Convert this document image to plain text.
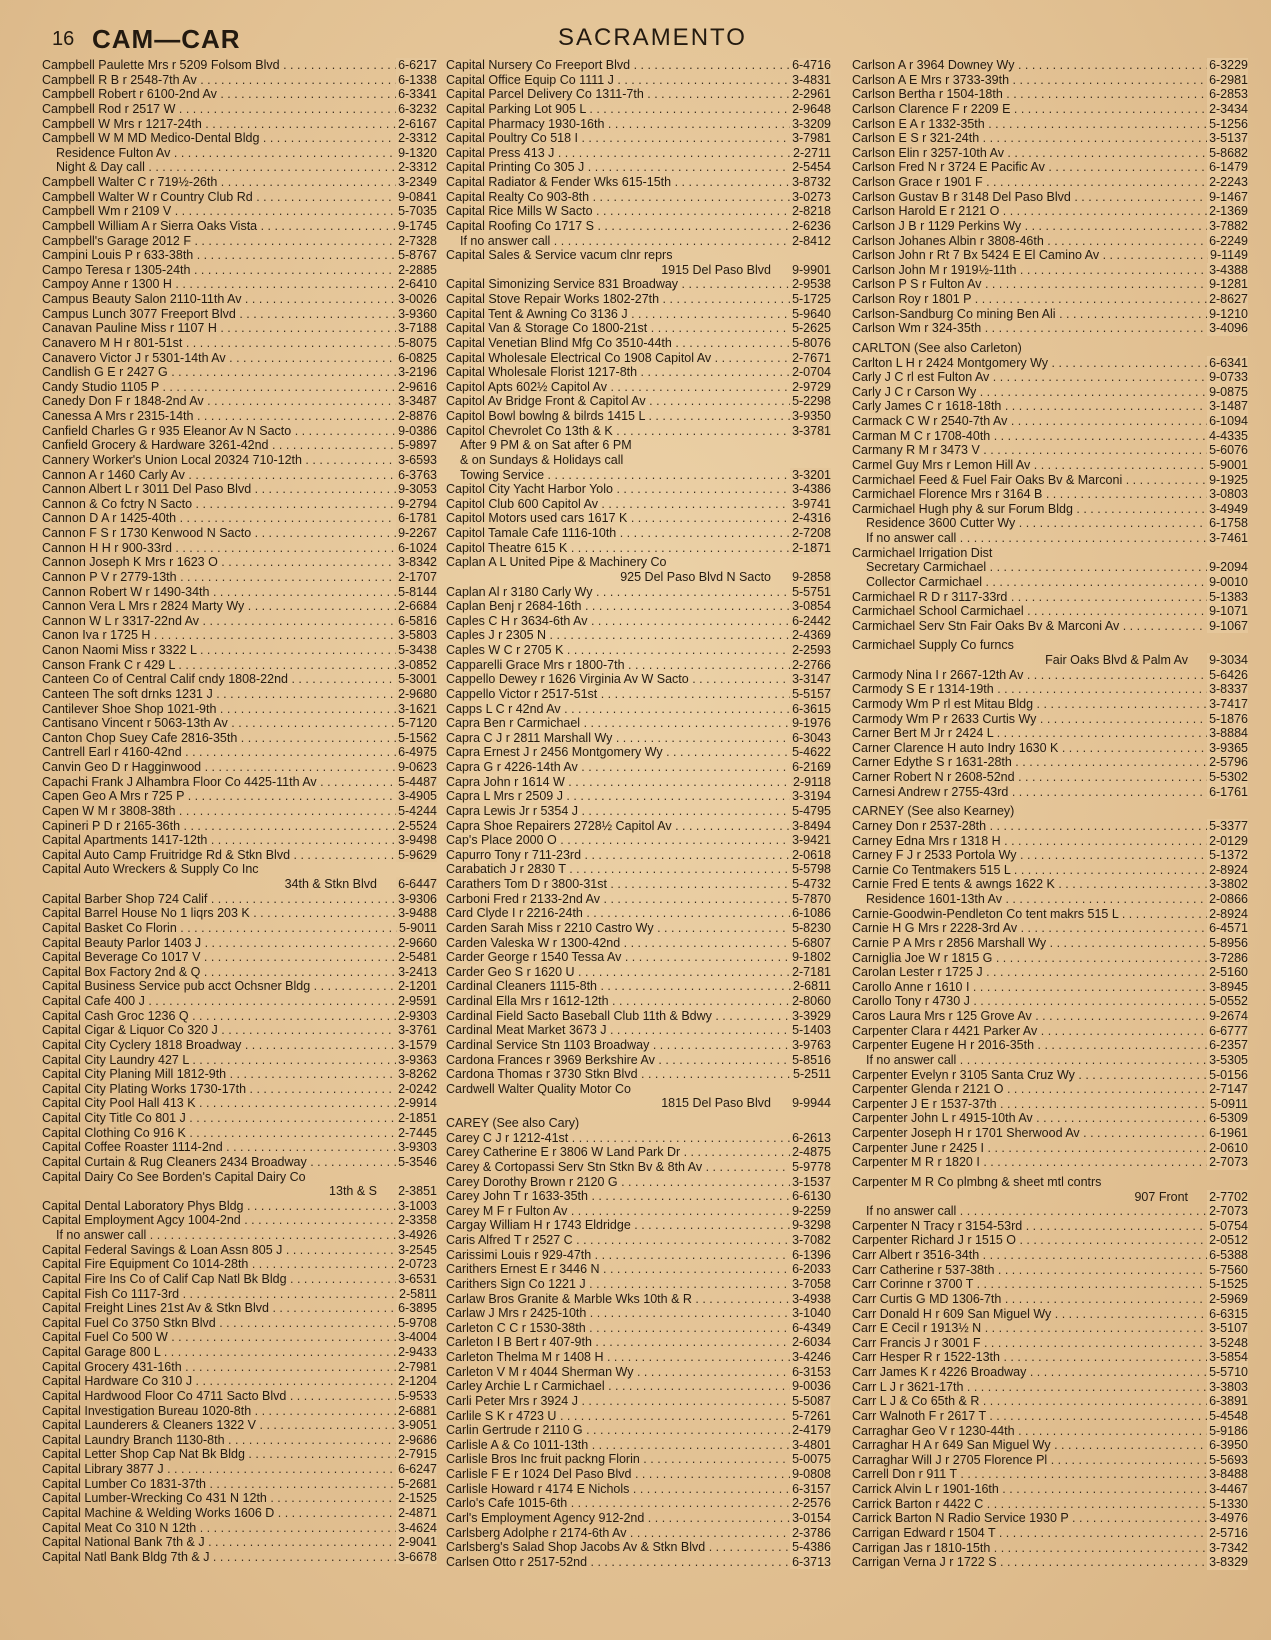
16 CAM—CAR	SACRAMENTO
Campbell Paulette Mrs r 5209 Folsom Blvd . . .	6-6217
Campbell R B r 2548-7th Av . . .	6-1338
Campbell Robert r 6100-2nd Av . . .	6-3341
Campbell Rod r 2517 W . . .	6-3232
Campbell W Mrs r 1217-24th . . .	2-6167
Campbell W M MD Medico-Dental Bldg . . .	2-3312
Residence Fulton Av . . .	9-1320
Night & Day call . . .	2-3312
Campbell Walter C r 719½-26th . . .	3-2349
Campbell Walter W r Country Club Rd . . .	9-0841
Campbell Wm r 2109 V . . .	5-7035
Campbell William A r Sierra Oaks Vista . . .	9-1745
Campbell's Garage 2012 F . . .	2-7328
Campini Louis P r 633-38th . . .	5-8767
Campo Teresa r 1305-24th . . .	2-2885
Campoy Anne r 1300 H . . .	2-6410
Campus Beauty Salon 2110-11th Av . . .	3-0026
Campus Lunch 3077 Freeport Blvd . . .	3-9360
Canavan Pauline Miss r 1107 H . . .	3-7188
Canavero M H r 801-51st . . .	5-8075
Canavero Victor J r 5301-14th Av . . .	6-0825
Candlish G E r 2427 G . . .	3-2196
Candy Studio 1105 P . . .	2-9616
Canedy Don F r 1848-2nd Av . . .	3-3487
Canessa A Mrs r 2315-14th . . .	2-8876
Canfield Charles G r 935 Eleanor Av N Sacto . . .	9-0386
Canfield Grocery & Hardware 3261-42nd . . .	5-9897
Cannery Worker's Union Local 20324 710-12th . . .	3-6593
Cannon A r 1460 Carly Av . . .	6-3763
Cannon Albert L r 3011 Del Paso Blvd . . .	9-3053
Cannon & Co fctry N Sacto . . .	9-2794
Cannon D A r 1425-40th . . .	6-1781
Cannon F S r 1730 Kenwood N Sacto . . .	9-2267
Cannon H H r 900-33rd . . .	6-1024
Cannon Joseph K Mrs r 1623 O . . .	3-8342
Cannon P V r 2779-13th . . .	2-1707
Cannon Robert W r 1490-34th . . .	5-8144
Cannon Vera L Mrs r 2824 Marty Wy . . .	2-6684
Cannon W L r 3317-22nd Av . . .	6-5816
Canon Iva r 1725 H . . .	3-5803
Canon Naomi Miss r 3322 L . . .	5-3438
Canson Frank C r 429 L . . .	3-0852
Canteen Co of Central Calif cndy 1808-22nd . . .	5-3001
Canteen The soft drnks 1231 J . . .	2-9680
Cantilever Shoe Shop 1021-9th . . .	3-1621
Cantisano Vincent r 5063-13th Av . . .	5-7120
Canton Chop Suey Cafe 2816-35th . . .	5-1562
Cantrell Earl r 4160-42nd . . .	6-4975
Canvin Geo D r Hagginwood . . .	9-0623
Capachi Frank J Alhambra Floor Co 4425-11th Av . . .	5-4487
Capen Geo A Mrs r 725 P . . .	3-4905
Capen W M r 3808-38th . . .	5-4244
Capineri P D r 2165-36th . . .	2-5524
Capital Apartments 1417-12th . . .	3-9498
Capital Auto Camp Fruitridge Rd & Stkn Blvd . . .	5-9629
Capital Auto Wreckers & Supply Co Inc
34th & Stkn Blvd 6-6447
Capital Barber Shop 724 Calif . . .	3-9306
Capital Barrel House No 1 liqrs 203 K . . .	3-9488
Capital Basket Co Florin . . .	5-9011
Capital Beauty Parlor 1403 J . . .	2-9660
Capital Beverage Co 1017 V . . .	2-5481
Capital Box Factory 2nd & Q . . .	3-2413
Capital Business Service pub acct Ochsner Bldg . . .	2-1201
Capital Cafe 400 J . . .	2-9591
Capital Cash Groc 1236 Q . . .	2-9303
Capital Cigar & Liquor Co 320 J . . .	3-3761
Capital City Cyclery 1818 Broadway . . .	3-1579
Capital City Laundry 427 L . . .	3-9363
Capital City Planing Mill 1812-9th . . .	3-8262
Capital City Plating Works 1730-17th . . .	2-0242
Capital City Pool Hall 413 K . . .	2-9914
Capital City Title Co 801 J . . .	2-1851
Capital Clothing Co 916 K . . .	2-7445
Capital Coffee Roaster 1114-2nd . . .	3-9303
Capital Curtain & Rug Cleaners 2434 Broadway . . .	5-3546
Capital Dairy Co See Borden's Capital Dairy Co
13th & S 2-3851
Capital Dental Laboratory Phys Bldg . . .	3-1003
Capital Employment Agcy 1004-2nd . . .	2-3358
If no answer call . . .	3-4926
Capital Federal Savings & Loan Assn 805 J . . .	3-2545
Capital Fire Equipment Co 1014-28th . . .	2-0723
Capital Fire Ins Co of Calif Cap Natl Bk Bldg . . .	3-6531
Capital Fish Co 1117-3rd . . .	2-5811
Capital Freight Lines 21st Av & Stkn Blvd . . .	6-3895
Capital Fuel Co 3750 Stkn Blvd . . .	5-9708
Capital Fuel Co 500 W . . .	3-4004
Capital Garage 800 L . . .	2-9433
Capital Grocery 431-16th . . .	2-7981
Capital Hardware Co 310 J . . .	2-1204
Capital Hardwood Floor Co 4711 Sacto Blvd . . .	5-9533
Capital Investigation Bureau 1020-8th . . .	2-6881
Capital Launderers & Cleaners 1322 V . . .	3-9051
Capital Laundry Branch 1130-8th . . .	2-9686
Capital Letter Shop Cap Nat Bk Bldg . . .	2-7915
Capital Library 3877 J . . .	6-6247
Capital Lumber Co 1831-37th . . .	5-2681
Capital Lumber-Wrecking Co 431 N 12th . . .	2-1525
Capital Machine & Welding Works 1606 D . . .	2-4871
Capital Meat Co 310 N 12th . . .	3-4624
Capital National Bank 7th & J . . .	2-9041
Capital Natl Bank Bldg 7th & J . . .	3-6678
Capital Nursery Co Freeport Blvd . . .	6-4716
Capital Office Equip Co 1111 J . . .	3-4831
Capital Parcel Delivery Co 1311-7th . . .	2-2961
Capital Parking Lot 905 L . . .	2-9648
Capital Pharmacy 1930-16th . . .	3-3209
Capital Poultry Co 518 I . . .	3-7981
Capital Press 413 J . . .	2-2711
Capital Printing Co 305 J . . .	2-5454
Capital Radiator & Fender Wks 615-15th . . .	3-8732
Capital Realty Co 903-8th . . .	3-0273
Capital Rice Mills W Sacto . . .	2-8218
Capital Roofing Co 1717 S . . .	2-6236
If no answer call . . .	2-8412
Capital Sales & Service vacum clnr reprs
1915 Del Paso Blvd 9-9901
Capital Simonizing Service 831 Broadway . . .	2-9538
Capital Stove Repair Works 1802-27th . . .	5-1725
Capital Tent & Awning Co 3136 J . . .	5-9640
Capital Van & Storage Co 1800-21st . . .	5-2625
Capital Venetian Blind Mfg Co 3510-44th . . .	5-8076
Capital Wholesale Electrical Co 1908 Capitol Av . . .	2-7671
Capital Wholesale Florist 1217-8th . . .	2-0704
Capitol Apts 602½ Capitol Av . . .	2-9729
Capitol Av Bridge Front & Capitol Av . . .	5-2298
Capitol Bowl bowlng & bilrds 1415 L . . .	3-9350
Capitol Chevrolet Co 13th & K . . .	3-3781
After 9 PM & on Sat after 6 PM
& on Sundays & Holidays call
Towing Service . . .	3-3201
Capitol City Yacht Harbor Yolo . . .	3-4386
Capitol Club 600 Capitol Av . . .	3-9741
Capitol Motors used cars 1617 K . . .	2-4316
Capitol Tamale Cafe 1116-10th . . .	2-7208
Capitol Theatre 615 K . . .	2-1871
Caplan A L United Pipe & Machinery Co
925 Del Paso Blvd N Sacto 9-2858
Caplan Al r 3180 Carly Wy . . .	5-5751
Caplan Benj r 2684-16th . . .	3-0854
Caples C H r 3634-6th Av . . .	6-2442
Caples J r 2305 N . . .	2-4369
Caples W C r 2705 K . . .	2-2593
Capparelli Grace Mrs r 1800-7th . . .	2-2766
Cappello Dewey r 1626 Virginia Av W Sacto . . .	3-3147
Cappello Victor r 2517-51st . . .	5-5157
Capps L C r 42nd Av . . .	6-3615
Capra Ben r Carmichael . . .	9-1976
Capra C J r 2811 Marshall Wy . . .	6-3043
Capra Ernest J r 2456 Montgomery Wy . . .	5-4622
Capra G r 4226-14th Av . . .	6-2169
Capra John r 1614 W . . .	2-9118
Capra L Mrs r 2509 J . . .	3-3194
Capra Lewis Jr r 5354 J . . .	5-4795
Capra Shoe Repairers 2728½ Capitol Av . . .	3-8494
Cap's Place 2000 O . . .	3-9421
Capurro Tony r 711-23rd . . .	2-0618
Carabatich J r 2830 T . . .	5-5798
Carathers Tom D r 3800-31st . . .	5-4732
Carboni Fred r 2133-2nd Av . . .	5-7870
Card Clyde I r 2216-24th . . .	6-1086
Carden Sarah Miss r 2210 Castro Wy . . .	5-8230
Carden Valeska W r 1300-42nd . . .	5-6807
Carder George r 1540 Tessa Av . . .	9-1802
Carder Geo S r 1620 U . . .	2-7181
Cardinal Cleaners 1115-8th . . .	2-6811
Cardinal Ella Mrs r 1612-12th . . .	2-8060
Cardinal Field Sacto Baseball Club 11th & Bdwy . . .	3-3929
Cardinal Meat Market 3673 J . . .	5-1403
Cardinal Service Stn 1103 Broadway . . .	3-9763
Cardona Frances r 3969 Berkshire Av . . .	5-8516
Cardona Thomas r 3730 Stkn Blvd . . .	5-2511
Cardwell Walter Quality Motor Co
1815 Del Paso Blvd 9-9944
CAREY (See also Cary)
Carey C J r 1212-41st . . .	6-2613
Carey Catherine E r 3806 W Land Park Dr . . .	2-4875
Carey & Cortopassi Serv Stn Stkn Bv & 8th Av . . .	5-9778
Carey Dorothy Brown r 2120 G . . .	3-1537
Carey John T r 1633-35th . . .	6-6130
Carey M F r Fulton Av . . .	9-2259
Cargay William H r 1743 Eldridge . . .	9-3298
Caris Alfred T r 2527 C . . .	3-7082
Carissimi Louis r 929-47th . . .	6-1396
Carithers Ernest E r 3446 N . . .	6-2033
Carithers Sign Co 1221 J . . .	3-7058
Carlaw Bros Granite & Marble Wks 10th & R . . .	3-4938
Carlaw J Mrs r 2425-10th . . .	3-1040
Carleton C C r 1530-38th . . .	6-4349
Carleton I B Bert r 407-9th . . .	2-6034
Carleton Thelma M r 1408 H . . .	3-4246
Carleton V M r 4044 Sherman Wy . . .	6-3153
Carley Archie L r Carmichael . . .	9-0036
Carli Peter Mrs r 3924 J . . .	5-5087
Carlile S K r 4723 U . . .	5-7261
Carlin Gertrude r 2110 G . . .	2-4179
Carlisle A & Co 1011-13th . . .	3-4801
Carlisle Bros Inc fruit packng Florin . . .	5-0075
Carlisle F E r 1024 Del Paso Blvd . . .	9-0808
Carlisle Howard r 4174 E Nichols . . .	6-3157
Carlo's Cafe 1015-6th . . .	2-2576
Carl's Employment Agency 912-2nd . . .	3-0154
Carlsberg Adolphe r 2174-6th Av . . .	2-3786
Carlsberg's Salad Shop Jacobs Av & Stkn Blvd . . .	5-4386
Carlsen Otto r 2517-52nd . . .	6-3713
Carlson A r 3964 Downey Wy . . .	6-3229
Carlson A E Mrs r 3733-39th . . .	6-2981
Carlson Bertha r 1504-18th . . .	6-2853
Carlson Clarence F r 2209 E . . .	2-3434
Carlson E A r 1332-35th . . .	5-1256
Carlson E S r 321-24th . . .	3-5137
Carlson Elin r 3257-10th Av . . .	5-8682
Carlson Fred N r 3724 E Pacific Av . . .	6-1479
Carlson Grace r 1901 F . . .	2-2243
Carlson Gustav B r 3148 Del Paso Blvd . . .	9-1467
Carlson Harold E r 2121 O . . .	2-1369
Carlson J B r 1129 Perkins Wy . . .	3-7882
Carlson Johanes Albin r 3808-46th . . .	6-2249
Carlson John r Rt 7 Bx 5424 E El Camino Av . . .	9-1149
Carlson John M r 1919½-11th . . .	3-4388
Carlson P S r Fulton Av . . .	9-1281
Carlson Roy r 1801 P . . .	2-8627
Carlson-Sandburg Co mining Ben Ali . . .	9-1210
Carlson Wm r 324-35th . . .	3-4096
CARLTON (See also Carleton)
Carlton L H r 2424 Montgomery Wy . . .	6-6341
Carly J C rl est Fulton Av . . .	9-0733
Carly J C r Carson Wy . . .	9-0875
Carly James C r 1618-18th . . .	3-1487
Carmack C W r 2540-7th Av . . .	6-1094
Carman M C r 1708-40th . . .	4-4335
Carmany R M r 3473 V . . .	5-6076
Carmel Guy Mrs r Lemon Hill Av . . .	5-9001
Carmichael Feed & Fuel Fair Oaks Bv & Marconi . . .	9-1925
Carmichael Florence Mrs r 3164 B . . .	3-0803
Carmichael Hugh phy & sur Forum Bldg . . .	3-4949
Residence 3600 Cutter Wy . . .	6-1758
If no answer call . . .	3-7461
Carmichael Irrigation Dist
Secretary Carmichael . . .	9-2094
Collector Carmichael . . .	9-0010
Carmichael R D r 3117-33rd . . .	5-1383
Carmichael School Carmichael . . .	9-1071
Carmichael Serv Stn Fair Oaks Bv & Marconi Av . . .	9-1067
Carmichael Supply Co furncs
Fair Oaks Blvd & Palm Av 9-3034
Carmody Nina I r 2667-12th Av . . .	5-6426
Carmody S E r 1314-19th . . .	3-8337
Carmody Wm P rl est Mitau Bldg . . .	3-7417
Carmody Wm P r 2633 Curtis Wy . . .	5-1876
Carner Bert M Jr r 2424 L . . .	3-8884
Carner Clarence H auto Indry 1630 K . . .	3-9365
Carner Edythe S r 1631-28th . . .	2-5796
Carner Robert N r 2608-52nd . . .	5-5302
Carnesi Andrew r 2755-43rd . . .	6-1761
CARNEY (See also Kearney)
Carney Don r 2537-28th . . .	5-3377
Carney Edna Mrs r 1318 H . . .	2-0129
Carney F J r 2533 Portola Wy . . .	5-1372
Carnie Co Tentmakers 515 L . . .	2-8924
Carnie Fred E tents & awngs 1622 K . . .	3-3802
Residence 1601-13th Av . . .	2-0866
Carnie-Goodwin-Pendleton Co tent makrs 515 L . . .	2-8924
Carnie H G Mrs r 2228-3rd Av . . .	6-4571
Carnie P A Mrs r 2856 Marshall Wy . . .	5-8956
Carniglia Joe W r 1815 G . . .	3-7286
Carolan Lester r 1725 J . . .	2-5160
Carollo Anne r 1610 I . . .	3-8945
Carollo Tony r 4730 J . . .	5-0552
Caros Laura Mrs r 125 Grove Av . . .	9-2674
Carpenter Clara r 4421 Parker Av . . .	6-6777
Carpenter Eugene H r 2016-35th . . .	6-2357
If no answer call . . .	3-5305
Carpenter Evelyn r 3105 Santa Cruz Wy . . .	5-0156
Carpenter Glenda r 2121 O . . .	2-7147
Carpenter J E r 1537-37th . . .	5-0911
Carpenter John L r 4915-10th Av . . .	6-5309
Carpenter Joseph H r 1701 Sherwood Av . . .	6-1961
Carpenter June r 2425 I . . .	2-0610
Carpenter M R r 1820 I . . .	2-7073
Carpenter M R Co plmbng & sheet mtl contrs
907 Front 2-7702
If no answer call . . .	2-7073
Carpenter N Tracy r 3154-53rd . . .	5-0754
Carpenter Richard J r 1515 O . . .	2-0512
Carr Albert r 3516-34th . . .	6-5388
Carr Catherine r 537-38th . . .	5-7560
Carr Corinne r 3700 T . . .	5-1525
Carr Curtis G MD 1306-7th . . .	2-5969
Carr Donald H r 609 San Miguel Wy . . .	6-6315
Carr E Cecil r 1913½ N . . .	3-5107
Carr Francis J r 3001 F . . .	3-5248
Carr Hesper R r 1522-13th . . .	3-5854
Carr James K r 4226 Broadway . . .	5-5710
Carr L J r 3621-17th . . .	3-3803
Carr L J & Co 65th & R . . .	6-3891
Carr Walnoth F r 2617 T . . .	5-4548
Carraghar Geo V r 1230-44th . . .	5-9186
Carraghar H A r 649 San Miguel Wy . . .	6-3950
Carraghar Will J r 2705 Florence Pl . . .	5-5693
Carrell Don r 911 T . . .	3-8488
Carrick Alvin L r 1901-16th . . .	3-4467
Carrick Barton r 4422 C . . .	5-1330
Carrick Barton N Radio Service 1930 P . . .	3-4976
Carrigan Edward r 1504 T . . .	2-5716
Carrigan Jas r 1810-15th . . .	3-7342
Carrigan Verna J r 1722 S . . .	3-8329
